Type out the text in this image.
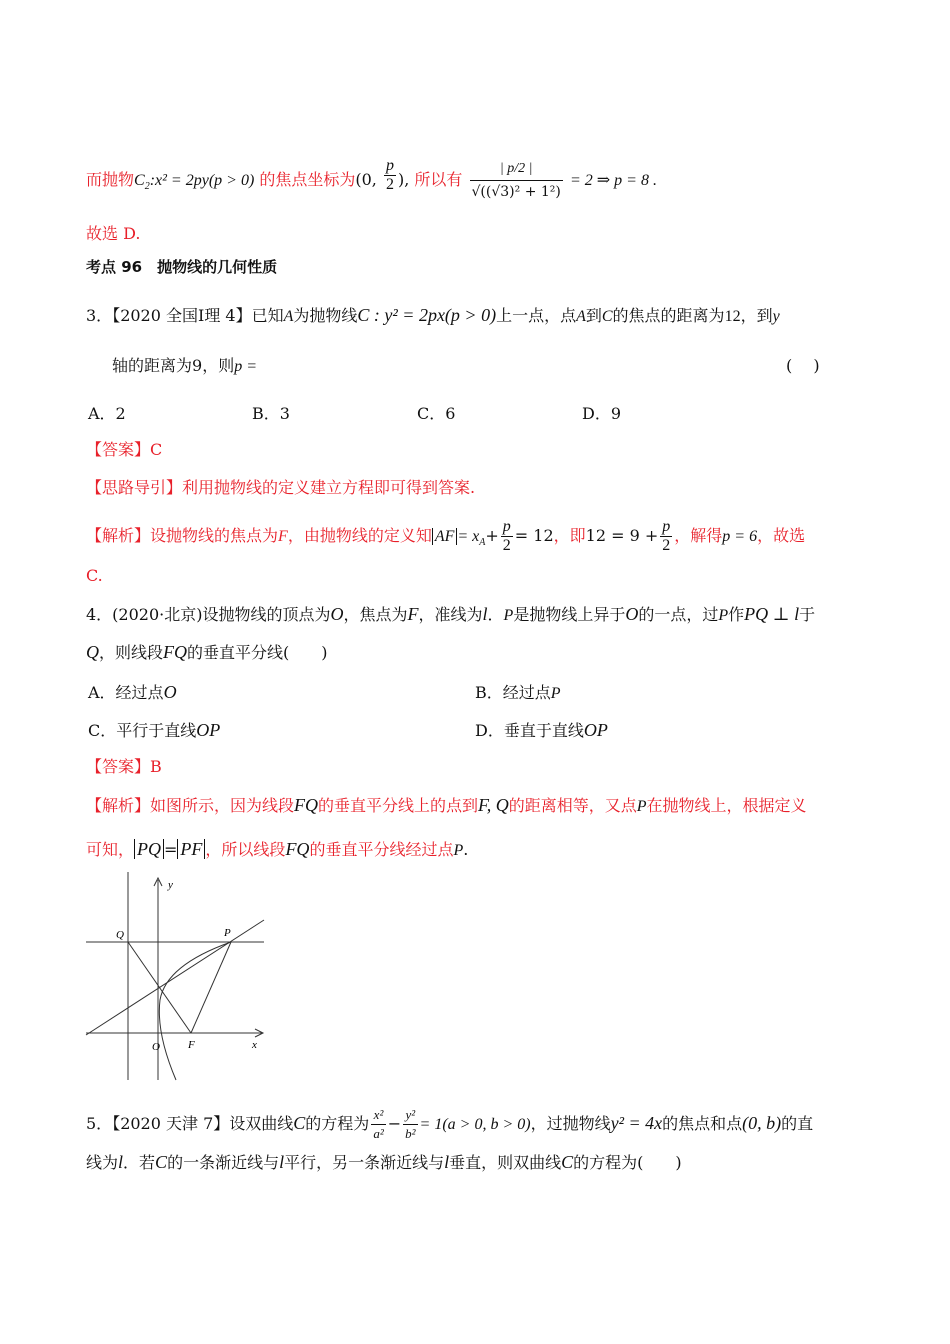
而抛物$C_2:x^2 = 2py(p > 0)$ 的焦点坐标为(0, $\frac{p}{2}$ ), 所以有 $\frac{| p/2 |}{\text{√((√3)² + 1²)}} = 2$ ⇒ p = 8 .
故选 D.
考点 96　抛物线的几何性质
3．【2020 全国Ⅰ理 4】已知A为抛物线C : y² = 2px(p > 0)上一点，点A到C的焦点的距离为12，到y
轴的距离为9，则p =	(　 )
A．2	B．3	C．6	D．9
【答案】C
【思路导引】利用抛物线的定义建立方程即可得到答案.
【解析】设抛物线的焦点为F，由抛物线的定义知 AF = $x_A+ \frac{p}{2} = 12$，即$12 = 9 + \frac{p}{2}$ ，解得p = 6，故选
C.
4．(2020·北京)设抛物线的顶点为O，焦点为F，准线为l．P是抛物线上异于O的一点，过P作PQ ⊥ l于
Q，则线段FQ的垂直平分线(　　)
A．经过点O	B．经过点P
C．平行于直线OP	D．垂直于直线OP
【答案】B
【解析】如图所示，因为线段FQ的垂直平分线上的点到F, Q的距离相等，又点P在抛物线上，根据定义
可知， PQ = PF ，所以线段FQ的垂直平分线经过点P.
y
x
Q	P
O	F
5．【2020 天津 7】设双曲线C的方程为 $\frac{\text{x²}}{\text{a²}} - \frac{\text{y²}}{\text{b²}} = 1(a > 0$, b > 0)，过抛物线y² = 4x的焦点和点(0, b)的直
线为l．若C的一条渐近线与l平行，另一条渐近线与l垂直，则双曲线C的方程为(　　)
